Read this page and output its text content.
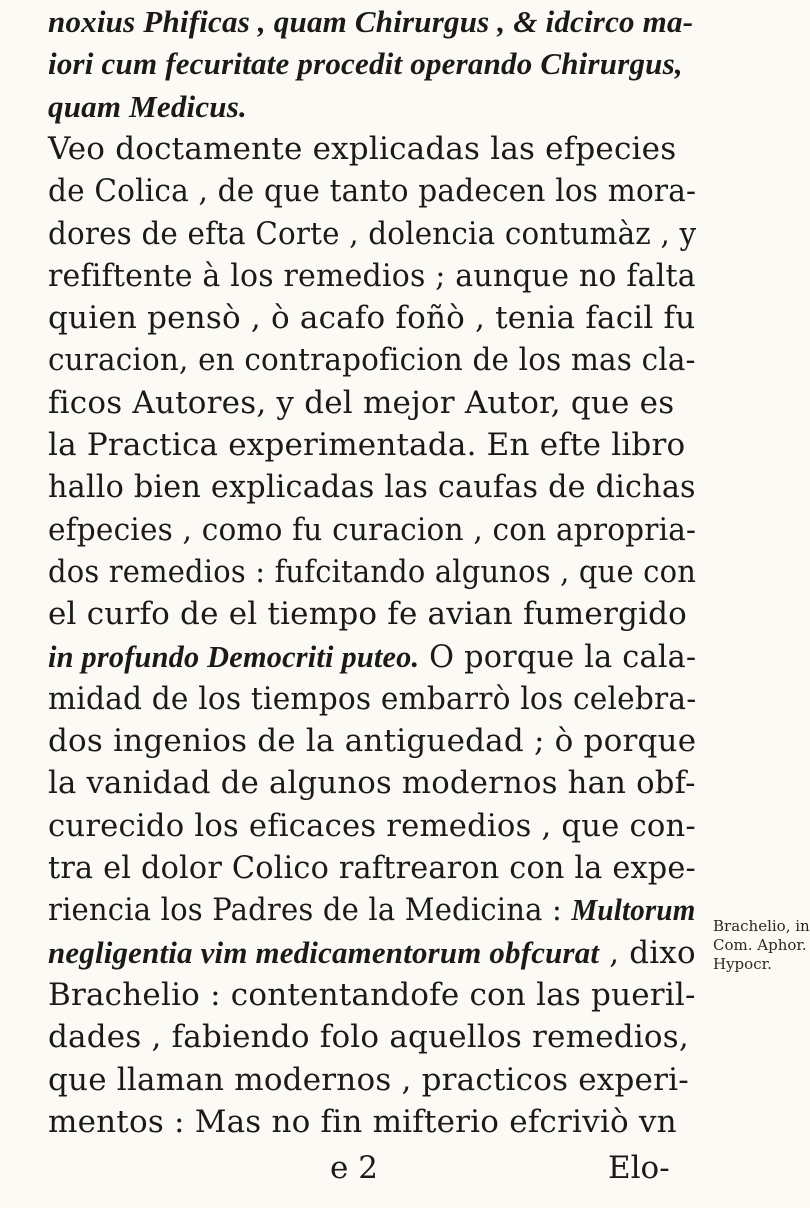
noxius Phificas , quam Chirurgus , & idcirco ma-
iori cum fecuritate procedit operando Chirurgus,
quam Medicus.
Veo doctamente explicadas las efpecies
de Colica , de que tanto padecen los mora-
dores de efta Corte , dolencia contumàz , y
refiftente à los remedios ; aunque no falta
quien pensò , ò acafo foñò , tenia facil fu
curacion, en contrapoficion de los mas cla-
ficos Autores, y del mejor Autor, que es
la Practica experimentada. En efte libro
hallo bien explicadas las caufas de dichas
efpecies , como fu curacion , con apropria-
dos remedios : fufcitando algunos , que con
el curfo de el tiempo fe avian fumergido
in profundo Democriti puteo. O porque la cala-
midad de los tiempos embarrò los celebra-
dos ingenios de la antiguedad ; ò porque
la vanidad de algunos modernos han obf-
curecido los eficaces remedios , que con-
tra el dolor Colico raftrearon con la expe-
riencia los Padres de la Medicina : Multorum
negligentia vim medicamentorum obfcurat , dixo
Brachelio : contentandofe con las pueril-
dades , fabiendo folo aquellos remedios,
que llaman modernos , practicos experi-
mentos : Mas no fin mifterio efcriviò vn
Brachelio, in
Com. Aphor.
Hypocr.
e 2	Elo-
